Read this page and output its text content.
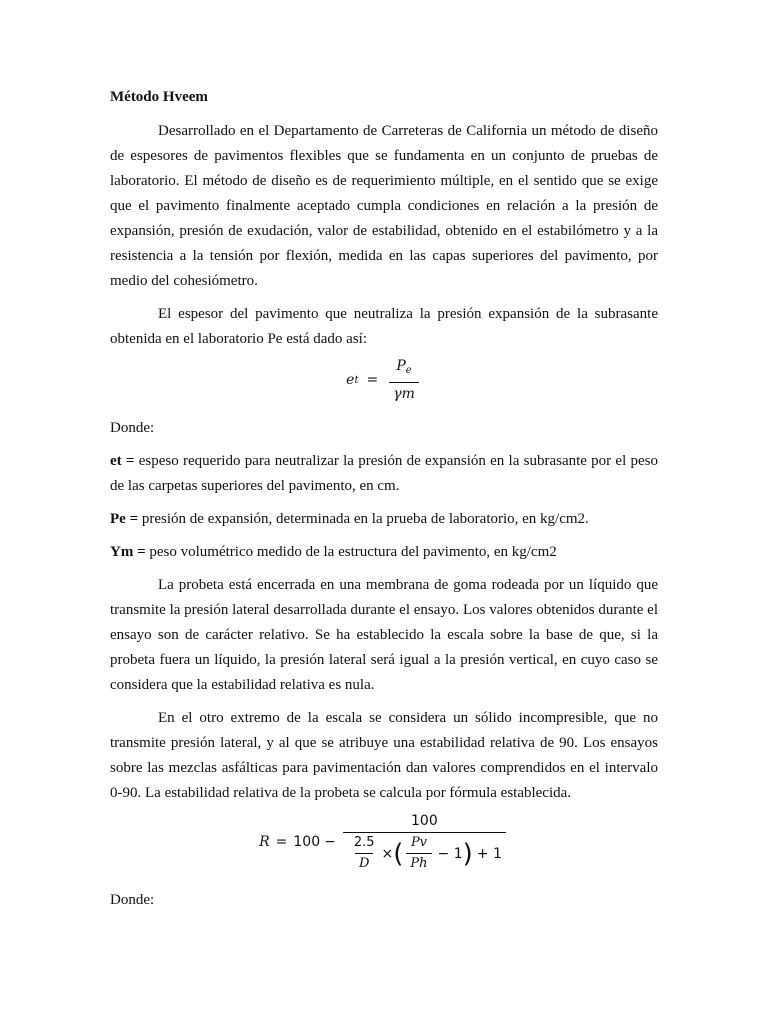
Método Hveem

Desarrollado en el Departamento de Carreteras de California un método de diseño de espesores de pavimentos flexibles que se fundamenta en un conjunto de pruebas de laboratorio. El método de diseño es de requerimiento múltiple, en el sentido que se exige que el pavimento finalmente aceptado cumpla condiciones en relación a la presión de expansión, presión de exudación, valor de estabilidad, obtenido en el estabilómetro y a la resistencia a la tensión por flexión, medida en las capas superiores del pavimento, por medio del cohesiómetro.

El espesor del pavimento que neutraliza la presión expansión de la subrasante obtenida en el laboratorio Pe está dado así:

e $t = \frac{P_e}{\gamma m}$

Donde:

et = espeso requerido para neutralizar la presión de expansión en la subrasante por el peso de las carpetas superiores del pavimento, en cm.

Pe = presión de expansión, determinada en la prueba de laboratorio, en kg/cm2.

Ym = peso volumétrico medido de la estructura del pavimento, en kg/cm2

La probeta está encerrada en una membrana de goma rodeada por un líquido que transmite la presión lateral desarrollada durante el ensayo. Los valores obtenidos durante el ensayo son de carácter relativo. Se ha establecido la escala sobre la base de que, si la probeta fuera un líquido, la presión lateral será igual a la presión vertical, en cuyo caso se considera que la estabilidad relativa es nula.

En el otro extremo de la escala se considera un sólido incompresible, que no transmite presión lateral, y al que se atribuye una estabilidad relativa de 90. Los ensayos sobre las mezclas asfálticas para pavimentación dan valores comprendidos en el intervalo 0-90. La estabilidad relativa de la probeta se calcula por fórmula establecida.

R = 100 −
100
$\frac{2.5}{D}$ × ( $\frac{Pv}{Ph} - 1$ ) + 1

Donde:
